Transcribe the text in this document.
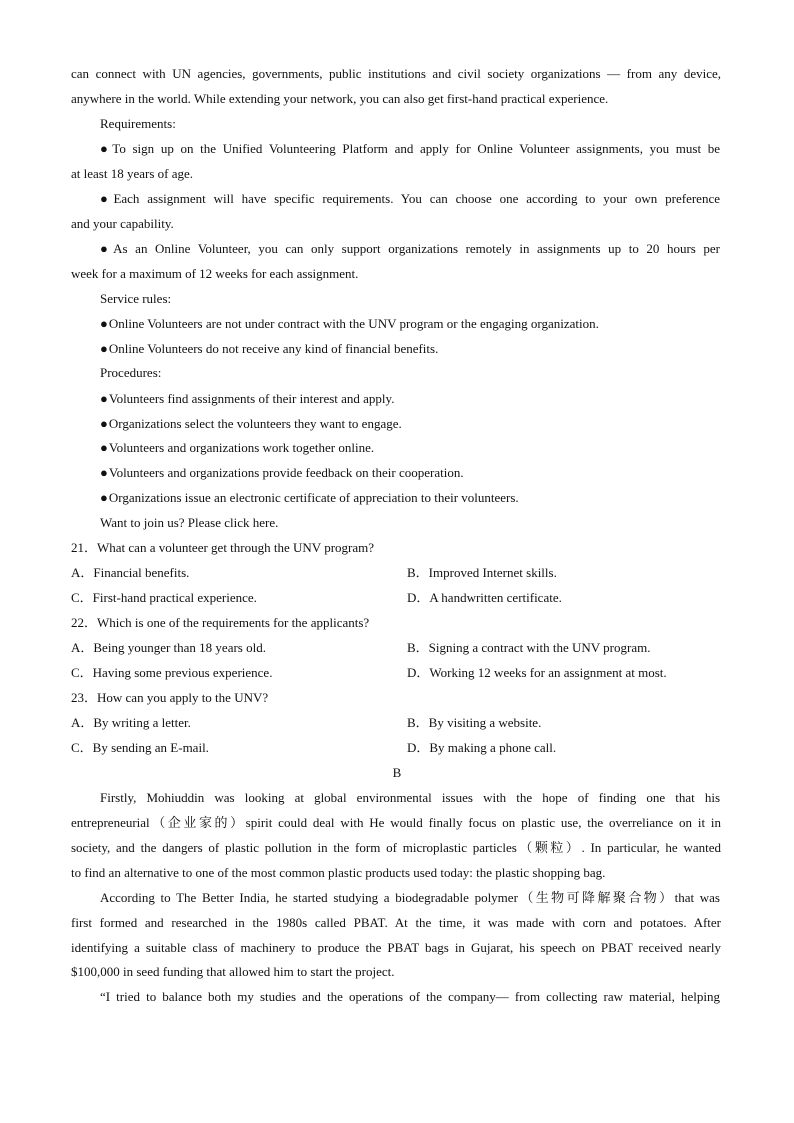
can connect with UN agencies, governments, public institutions and civil society organizations — from any device,
anywhere in the world. While extending your network, you can also get first-hand practical experience.
Requirements:
● To sign up on the Unified Volunteering Platform and apply for Online Volunteer assignments, you must be
at least 18 years of age.
● Each assignment will have specific requirements. You can choose one according to your own preference
and your capability.
● As an Online Volunteer, you can only support organizations remotely in assignments up to 20 hours per
week for a maximum of 12 weeks for each assignment.
Service rules:
● Online Volunteers are not under contract with the UNV program or the engaging organization.
● Online Volunteers do not receive any kind of financial benefits.
Procedures:
● Volunteers find assignments of their interest and apply.
● Organizations select the volunteers they want to engage.
● Volunteers and organizations work together online.
● Volunteers and organizations provide feedback on their cooperation.
● Organizations issue an electronic certificate of appreciation to their volunteers.
Want to join us? Please click here.
21．What can a volunteer get through the UNV program?
A．Financial benefits.	B．Improved Internet skills.
C．First-hand practical experience.	D．A handwritten certificate.
22．Which is one of the requirements for the applicants?
A．Being younger than 18 years old.	B．Signing a contract with the UNV program.
C．Having some previous experience.	D．Working 12 weeks for an assignment at most.
23．How can you apply to the UNV?
A．By writing a letter.	B．By visiting a website.
C．By sending an E-mail.	D．By making a phone call.
B
Firstly, Mohiuddin was looking at global environmental issues with the hope of finding one that his
entrepreneurial（企业家的）spirit could deal with He would finally focus on plastic use, the overreliance on it in
society, and the dangers of plastic pollution in the form of microplastic particles（颗粒）. In particular, he wanted
to find an alternative to one of the most common plastic products used today: the plastic shopping bag.
According to The Better India, he started studying a biodegradable polymer（生物可降解聚合物）that was
first formed and researched in the 1980s called PBAT. At the time, it was made with corn and potatoes. After
identifying a suitable class of machinery to produce the PBAT bags in Gujarat, his speech on PBAT received nearly
$100,000 in seed funding that allowed him to start the project.
“I tried to balance both my studies and the operations of the company— from collecting raw material, helping
